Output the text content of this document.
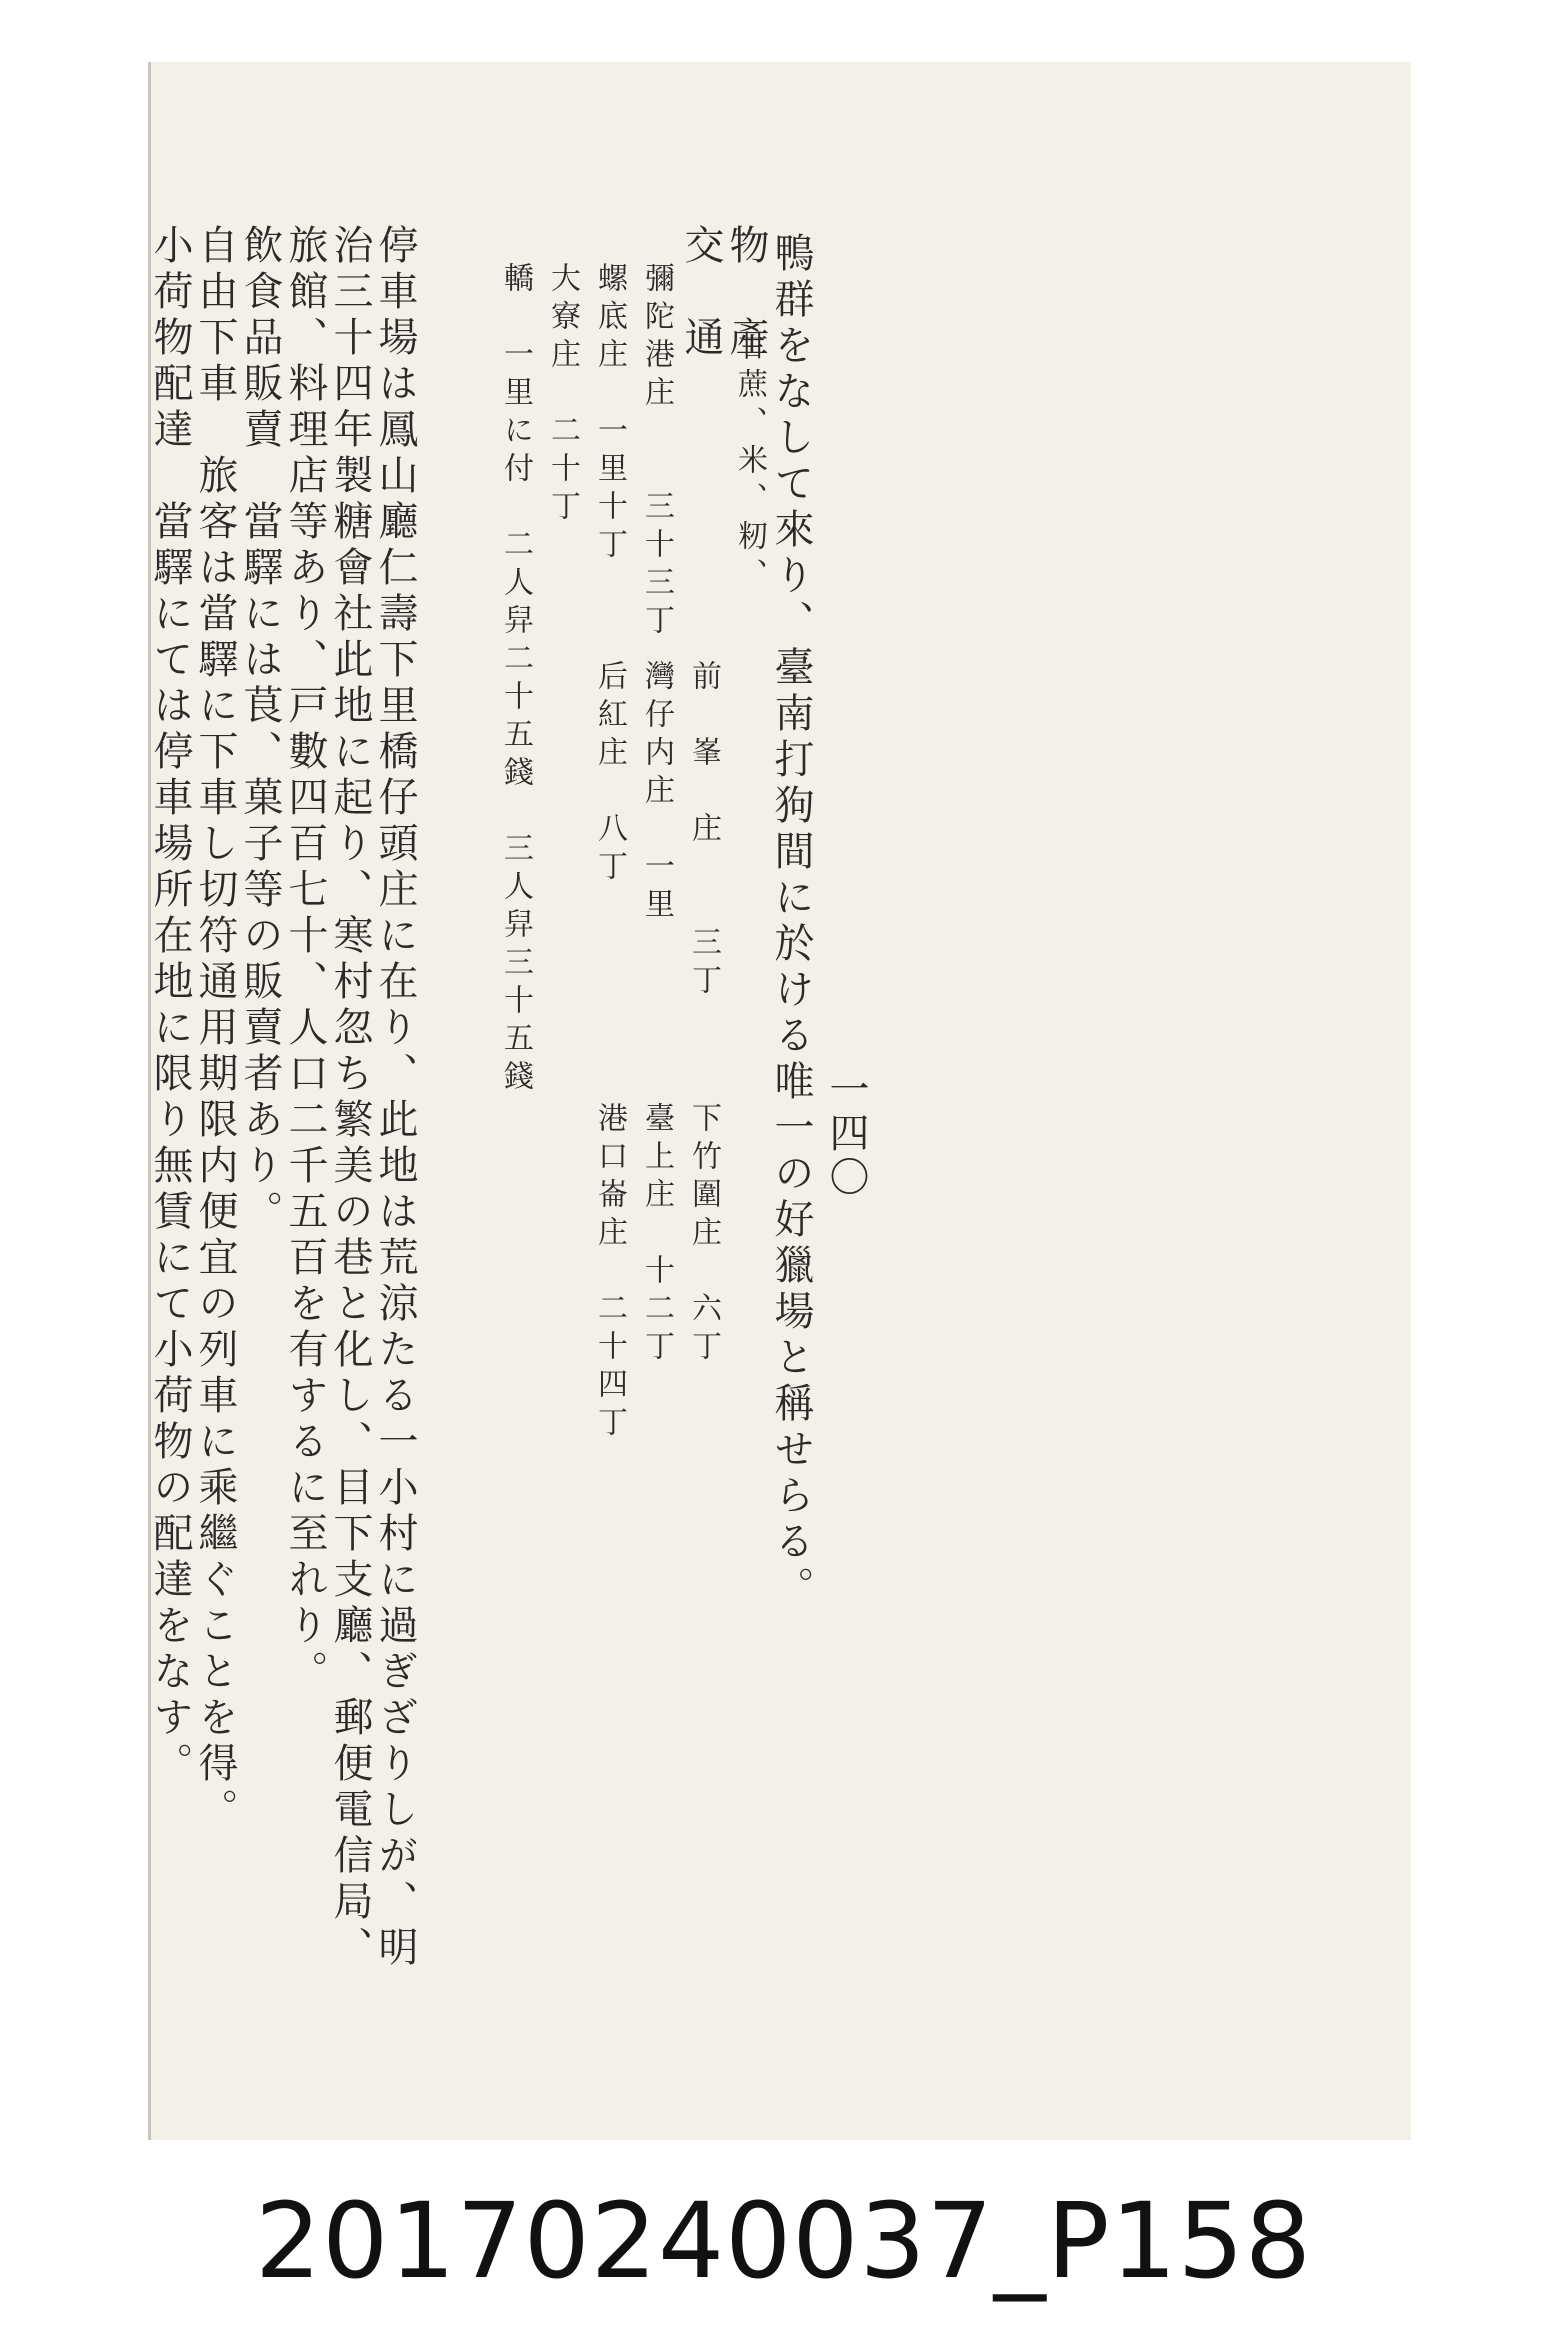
一四〇
鴨群をなして來り、臺南打狗間に於ける唯一の好獵場と稱せらる。
物　產
甘蔗、米、籾、
交　通
前　峯　庄　　三丁
下竹圍庄　六丁
彌陀港庄　　三十三丁
灣仔内庄　一里
臺上庄　十二丁
螺底庄　一里十丁
后紅庄　八丁
港口崙庄　二十四丁
大寮庄　二十丁
轎　一里に付　二人舁二十五錢　三人舁三十五錢
停車場は鳳山廳仁壽下里橋仔頭庄に在り、此地は荒涼たる一小村に過ぎざりしが、明
治三十四年製糖會社此地に起り、寒村忽ち繁美の巷と化し、目下支廳、郵便電信局、
旅館、料理店等あり、戸數四百七十、人口二千五百を有するに至れり。
飲食品販賣　當驛には茛、菓子等の販賣者あり。
自由下車　旅客は當驛に下車し切符通用期限内便宜の列車に乘繼ぐことを得。
小荷物配達　當驛にては停車場所在地に限り無賃にて小荷物の配達をなす。
20170240037_P158
